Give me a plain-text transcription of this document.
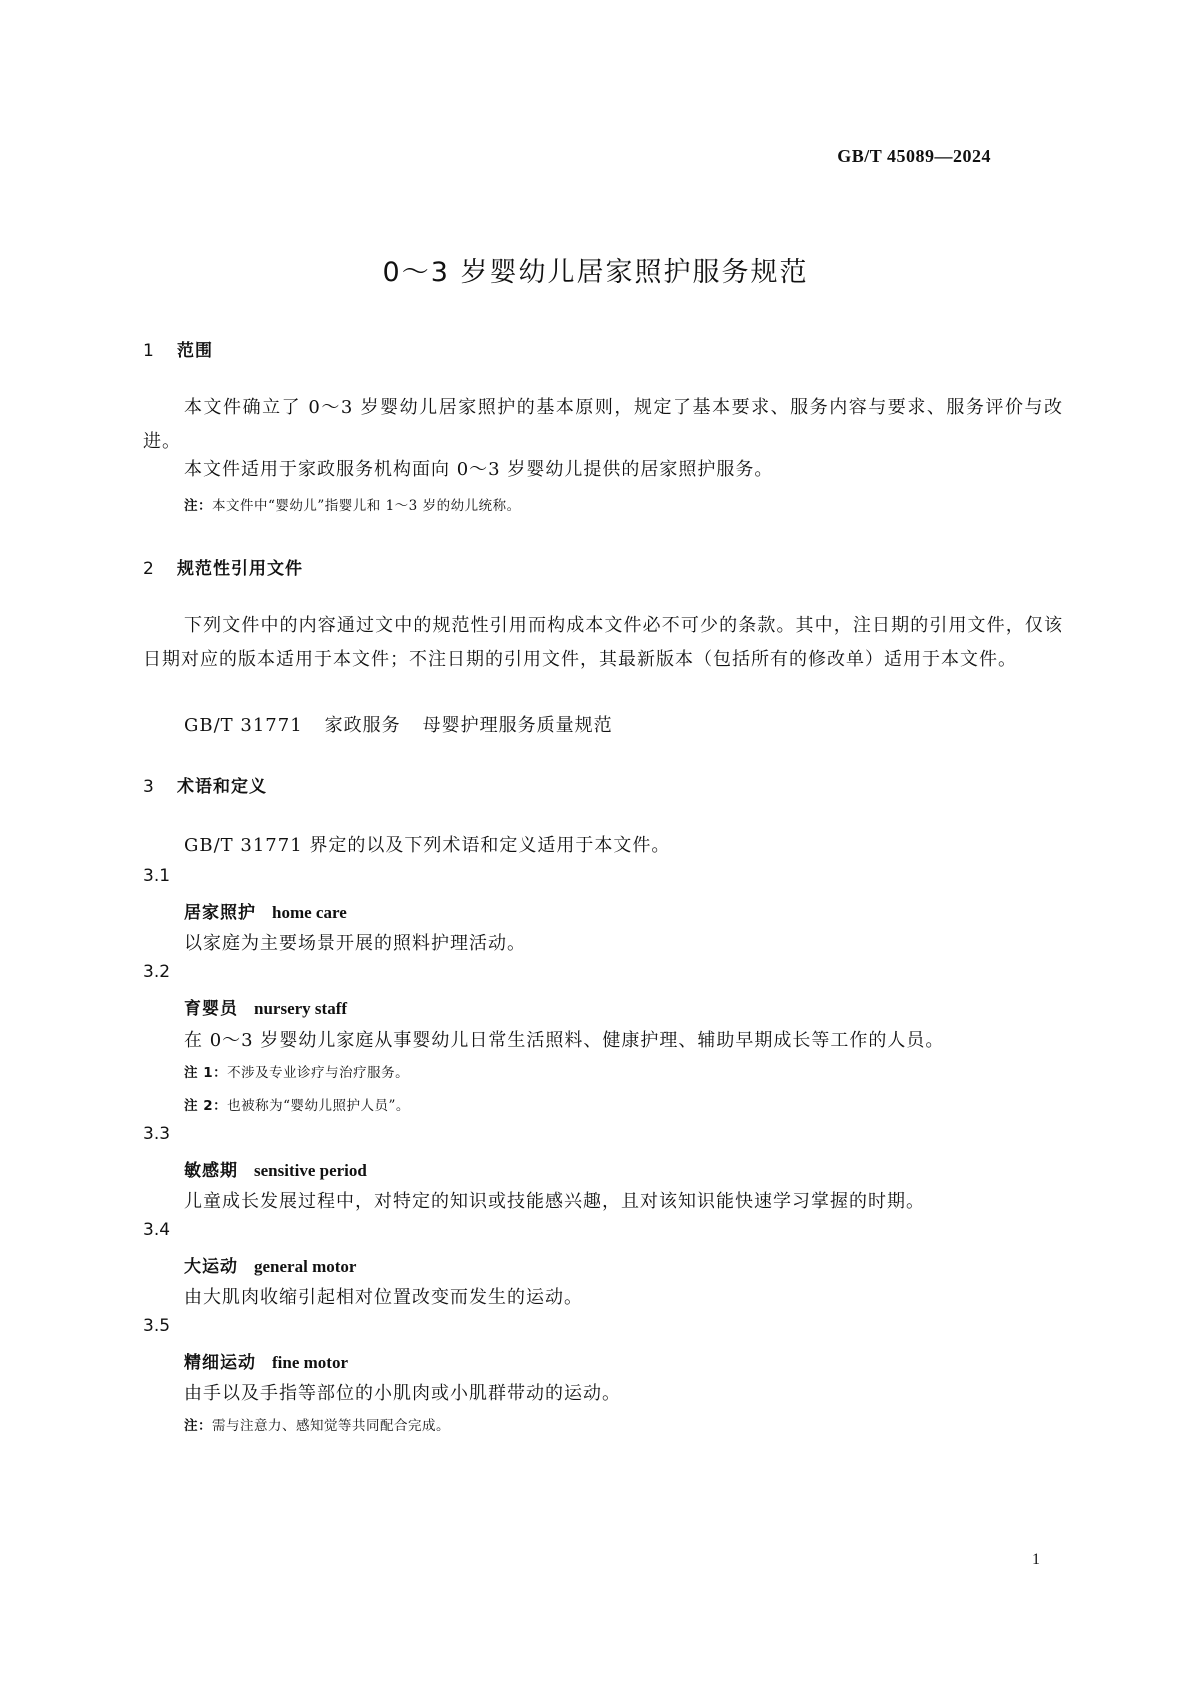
GB/T 45089—2024
0～3 岁婴幼儿居家照护服务规范
1 范围
本文件确立了 0～3 岁婴幼儿居家照护的基本原则，规定了基本要求、服务内容与要求、服务评价与改进。
本文件适用于家政服务机构面向 0～3 岁婴幼儿提供的居家照护服务。
注：本文件中“婴幼儿”指婴儿和 1～3 岁的幼儿统称。
2 规范性引用文件
下列文件中的内容通过文中的规范性引用而构成本文件必不可少的条款。其中，注日期的引用文件，仅该日期对应的版本适用于本文件；不注日期的引用文件，其最新版本（包括所有的修改单）适用于本文件。
GB/T 31771 家政服务 母婴护理服务质量规范
3 术语和定义
GB/T 31771 界定的以及下列术语和定义适用于本文件。
3.1
居家照护 home care
以家庭为主要场景开展的照料护理活动。
3.2
育婴员 nursery staff
在 0～3 岁婴幼儿家庭从事婴幼儿日常生活照料、健康护理、辅助早期成长等工作的人员。
注 1：不涉及专业诊疗与治疗服务。
注 2：也被称为“婴幼儿照护人员”。
3.3
敏感期 sensitive period
儿童成长发展过程中，对特定的知识或技能感兴趣，且对该知识能快速学习掌握的时期。
3.4
大运动 general motor
由大肌肉收缩引起相对位置改变而发生的运动。
3.5
精细运动 fine motor
由手以及手指等部位的小肌肉或小肌群带动的运动。
注：需与注意力、感知觉等共同配合完成。
1
